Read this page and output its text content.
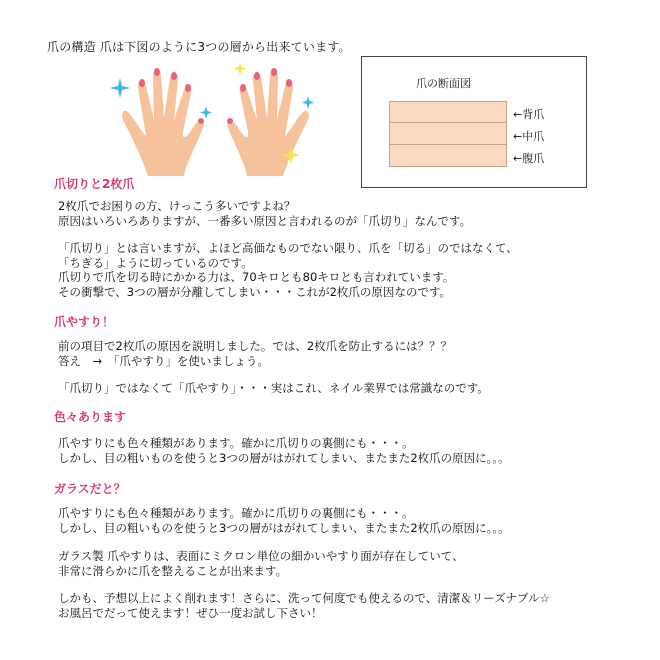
爪の構造 爪は下図のように3つの層から出来ています。
爪の断面図
←背爪
←中爪
←腹爪
爪切りと2枚爪
2枚爪でお困りの方、けっこう多いですよね？
原因はいろいろありますが、一番多い原因と言われるのが「爪切り」なんです。
「爪切り」とは言いますが、よほど高価なものでない限り、爪を「切る」のではなくて、
「ちぎる」ように切っているのです。
爪切りで爪を切る時にかかる力は、70キロとも80キロとも言われています。
その衝撃で、3つの層が分離してしまい・・・これが2枚爪の原因なのです。
爪やすり！
前の項目で2枚爪の原因を説明しました。では、2枚爪を防止するには？？？
答え　→　「爪やすり」を使いましょう。
「爪切り」ではなくて「爪やすり」・・・実はこれ、ネイル業界では常識なのです。
色々あります
爪やすりにも色々種類があります。確かに爪切りの裏側にも・・・。
しかし、目の粗いものを使うと3つの層がはがれてしまい、またまた2枚爪の原因に。。。
ガラスだと？
爪やすりにも色々種類があります。確かに爪切りの裏側にも・・・。
しかし、目の粗いものを使うと3つの層がはがれてしまい、またまた2枚爪の原因に。。。
ガラス製 爪やすりは、表面にミクロン単位の細かいやすり面が存在していて、
非常に滑らかに爪を整えることが出来ます。
しかも、予想以上によく削れます！さらに、洗って何度でも使えるので、清潔＆リーズナブル☆
お風呂でだって使えます！ぜひ一度お試し下さい！
